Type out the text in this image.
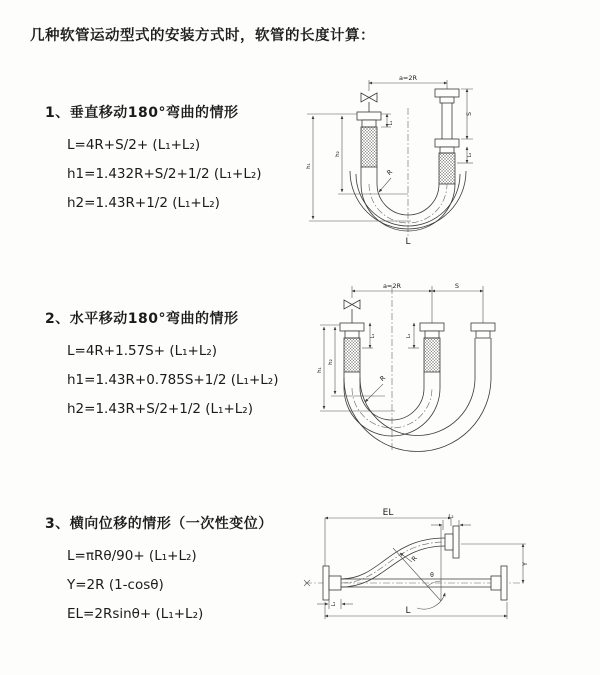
几种软管运动型式的安装方式时，软管的长度计算：
1、垂直移动180°弯曲的情形
L=4R+S/2+ (L₁+L₂)
h1=1.432R+S/2+1/2 (L₁+L₂)
h2=1.43R+1/2 (L₁+L₂)
a=2R
L₁
S
L₂
h₁
h₂
R
L
2、水平移动180°弯曲的情形
L=4R+1.57S+ (L₁+L₂)
h1=1.43R+0.785S+1/2 (L₁+L₂)
h2=1.43R+S/2+1/2 (L₁+L₂)
a=2R	S
L₁	L₂
h₁
h₂
R
3、横向位移的情形（一次性变位）
L=πRθ/90+ (L₁+L₂)
Y=2R (1-cosθ)
EL=2Rsinθ+ (L₁+L₂)
EL	L₂
θ
R
Y
L₁
L
